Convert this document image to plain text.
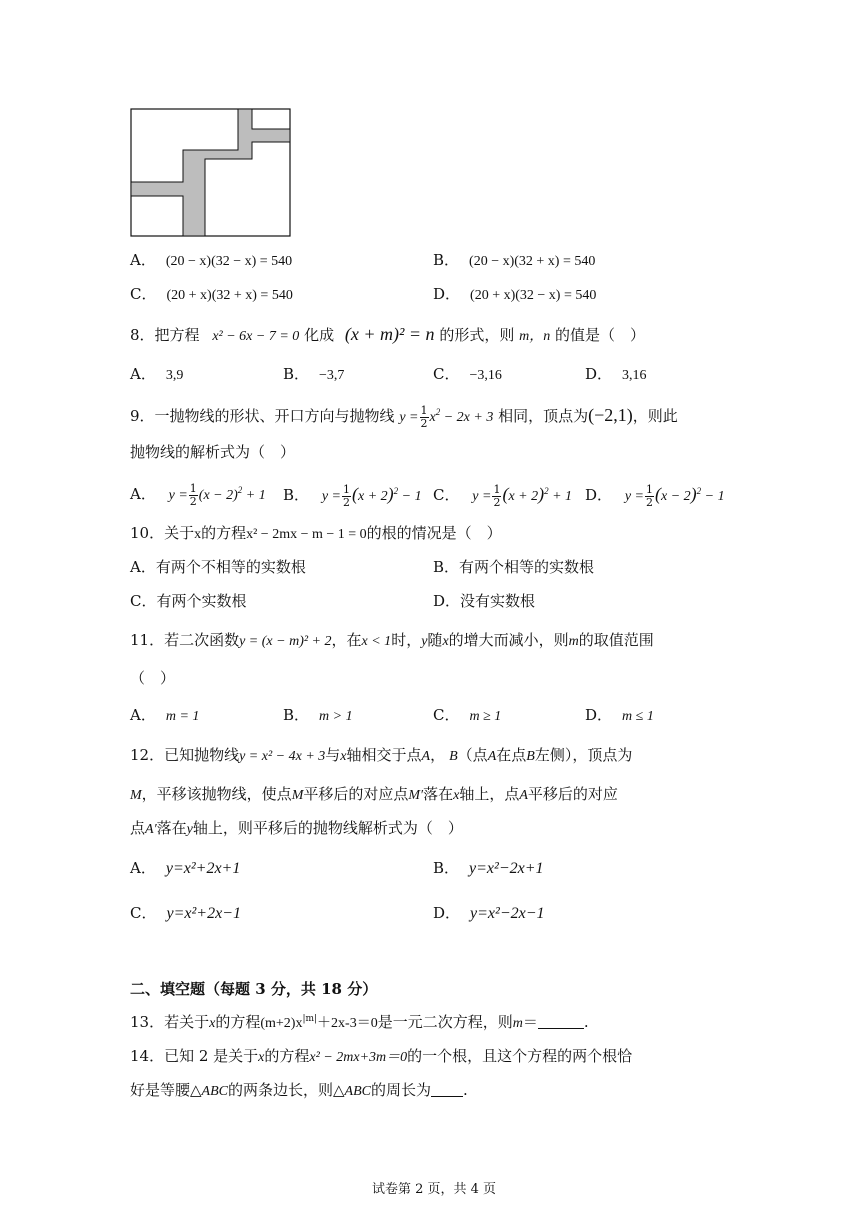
A． (20 − x)(32 − x) = 540	B． (20 − x)(32 + x) = 540
C． (20 + x)(32 + x) = 540	D． (20 + x)(32 − x) = 540
8．把方程 x² − 6x − 7 = 0 化成 (x + m)² = n 的形式，则 m，n 的值是（　）
A． 3,9	B． −3,7	C． −3,16	D． 3,16
9．一抛物线的形状、开口方向与抛物线 $y = \frac{1}{2} x^2 - 2x + 3$ 相同，顶点为(−2,1)，则此
抛物线的解析式为（　）
A． $y = \frac{1}{2} (x - 2)^2 + 1$ B． $y = \frac{1}{2} (x + 2)^2 - 1$ C． $y = \frac{1}{2} (x + 2)^2 + 1$ D． $y = \frac{1}{2} (x - 2)^2 - 1$
10．关于x的方程x² − 2mx − m − 1 = 0的根的情况是（　）
A．有两个不相等的实数根	B．有两个相等的实数根
C．有两个实数根	D．没有实数根
11．若二次函数y = (x − m)² + 2，在x < 1时，y随x的增大而减小，则m的取值范围
（　）
A． m = 1	B． m > 1	C． m ≥ 1	D． m ≤ 1
12．已知抛物线y = x² − 4x + 3与x轴相交于点A， B（点A在点B左侧），顶点为
M，平移该抛物线，使点M平移后的对应点M′落在x轴上，点A平移后的对应
点A′落在y轴上，则平移后的抛物线解析式为（　）
A． y=x²+2x+1	B． y=x²−2x+1
C． y=x²+2x−1	D． y=x²−2x−1
二、填空题（每题 3 分，共 18 分）
13．若关于x的方程$(m+2)x^{|m|}+2x-3=0$是一元二次方程，则m＝	.
14．已知 2 是关于x的方程x² − 2mx+3m＝0的一个根，且这个方程的两个根恰
好是等腰△ABC的两条边长，则△ABC的周长为 .
试卷第 2 页，共 4 页
